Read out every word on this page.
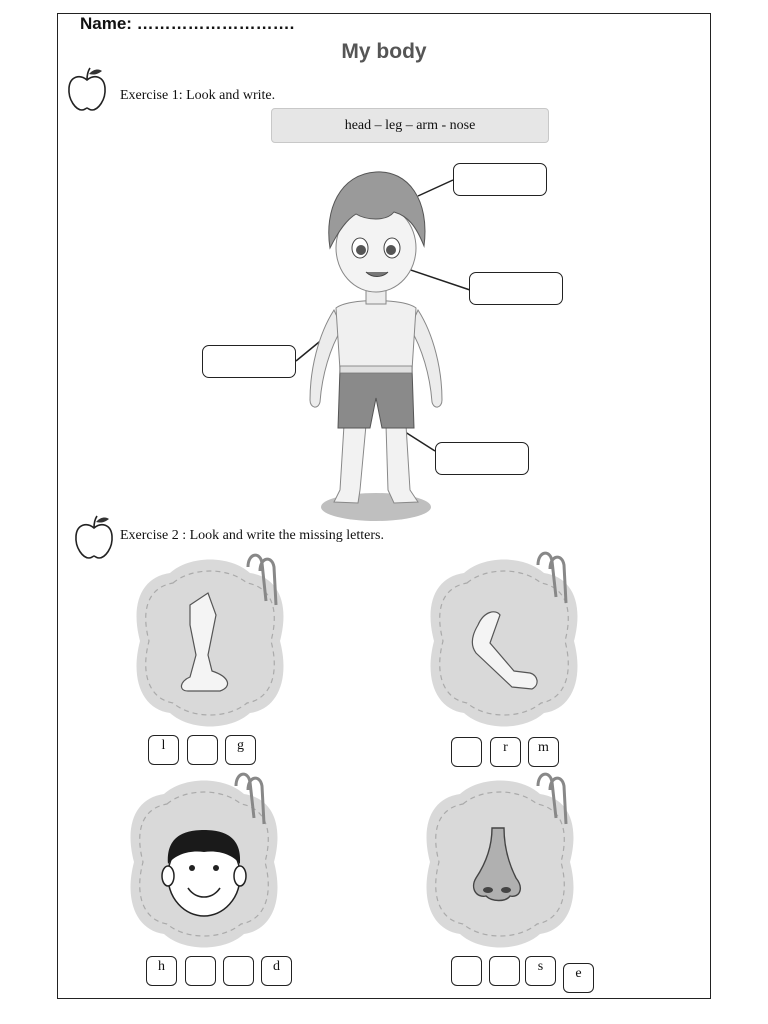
Name: ……………………….
My body
Exercise 1: Look and write.
head – leg – arm - nose
Exercise 2 : Look and write the missing letters.
l	g	r	m
h	d	s	e
